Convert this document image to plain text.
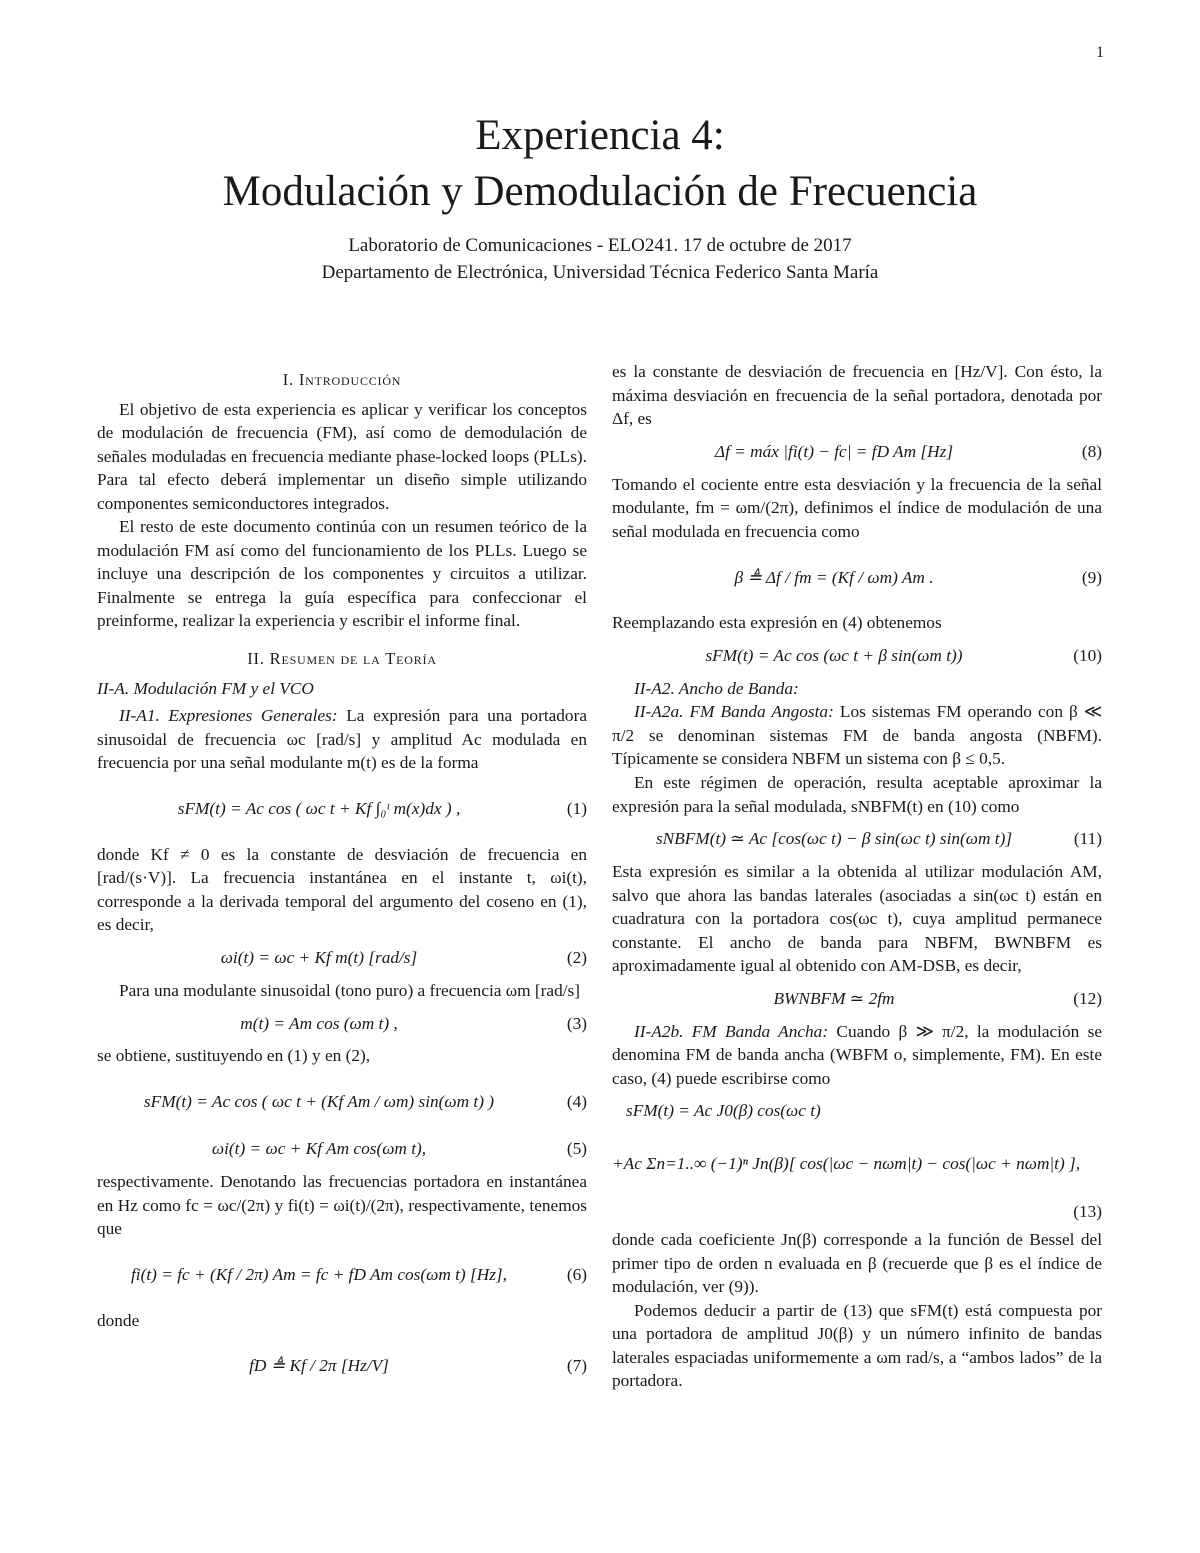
1
Experiencia 4:
Modulación y Demodulación de Frecuencia
Laboratorio de Comunicaciones - ELO241. 17 de octubre de 2017
Departamento de Electrónica, Universidad Técnica Federico Santa María
I. Introducción

El objetivo de esta experiencia es aplicar y verificar los conceptos de modulación de frecuencia (FM), así como de demodulación de señales moduladas en frecuencia mediante phase-locked loops (PLLs). Para tal efecto deberá implementar un diseño simple utilizando componentes semiconductores integrados.

El resto de este documento continúa con un resumen teórico de la modulación FM así como del funcionamiento de los PLLs. Luego se incluye una descripción de los componentes y circuitos a utilizar. Finalmente se entrega la guía específica para confeccionar el preinforme, realizar la experiencia y escribir el informe final.

II. Resumen de la Teoría
II-A. Modulación FM y el VCO

II-A1. Expresiones Generales: La expresión para una portadora sinusoidal de frecuencia ωc [rad/s] y amplitud Ac modulada en frecuencia por una señal modulante m(t) es de la forma

sFM(t) = Ac cos ( ωc t + Kf ∫₀ᵗ m(x)dx ) ,	(1)

donde Kf ≠ 0 es la constante de desviación de frecuencia en [rad/(s·V)]. La frecuencia instantánea en el instante t, ωi(t), corresponde a la derivada temporal del argumento del coseno en (1), es decir,

ωi(t) = ωc + Kf m(t) [rad/s]	(2)

Para una modulante sinusoidal (tono puro) a frecuencia ωm [rad/s]

m(t) = Am cos (ωm t) ,	(3)

se obtiene, sustituyendo en (1) y en (2),

sFM(t) = Ac cos ( ωc t + (Kf Am / ωm) sin(ωm t) )	(4)
ωi(t) = ωc + Kf Am cos(ωm t),	(5)

respectivamente. Denotando las frecuencias portadora en instantánea en Hz como fc = ωc/(2π) y fi(t) = ωi(t)/(2π), respectivamente, tenemos que

fi(t) = fc + (Kf / 2π) Am = fc + fD Am cos(ωm t) [Hz],	(6)

donde

fD ≜ Kf / 2π [Hz/V]	(7)

es la constante de desviación de frecuencia en [Hz/V]. Con ésto, la máxima desviación en frecuencia de la señal portadora, denotada por Δf, es

Δf = máx |fi(t) − fc| = fD Am [Hz]	(8)

Tomando el cociente entre esta desviación y la frecuencia de la señal modulante, fm = ωm/(2π), definimos el índice de modulación de una señal modulada en frecuencia como

β ≜ Δf / fm = (Kf / ωm) Am .	(9)

Reemplazando esta expresión en (4) obtenemos

sFM(t) = Ac cos (ωc t + β sin(ωm t))	(10)

II-A2. Ancho de Banda:

II-A2a. FM Banda Angosta: Los sistemas FM operando con β ≪ π/2 se denominan sistemas FM de banda angosta (NBFM). Típicamente se considera NBFM un sistema con β ≤ 0,5.

En este régimen de operación, resulta aceptable aproximar la expresión para la señal modulada, sNBFM(t) en (10) como

sNBFM(t) ≃ Ac [cos(ωc t) − β sin(ωc t) sin(ωm t)]	(11)

Esta expresión es similar a la obtenida al utilizar modulación AM, salvo que ahora las bandas laterales (asociadas a sin(ωc t) están en cuadratura con la portadora cos(ωc t), cuya amplitud permanece constante. El ancho de banda para NBFM, BWNBFM es aproximadamente igual al obtenido con AM-DSB, es decir,

BWNBFM ≃ 2fm	(12)

II-A2b. FM Banda Ancha: Cuando β ≫ π/2, la modulación se denomina FM de banda ancha (WBFM o, simplemente, FM). En este caso, (4) puede escribirse como

sFM(t) = Ac J0(β) cos(ωc t)
+Ac Σn=1..∞ (−1)ⁿ Jn(β)[ cos(|ωc − nωm|t) − cos(|ωc + nωm|t) ],
(13)

donde cada coeficiente Jn(β) corresponde a la función de Bessel del primer tipo de orden n evaluada en β (recuerde que β es el índice de modulación, ver (9)).

Podemos deducir a partir de (13) que sFM(t) está compuesta por una portadora de amplitud J0(β) y un número infinito de bandas laterales espaciadas uniformemente a ωm rad/s, a “ambos lados” de la portadora.
